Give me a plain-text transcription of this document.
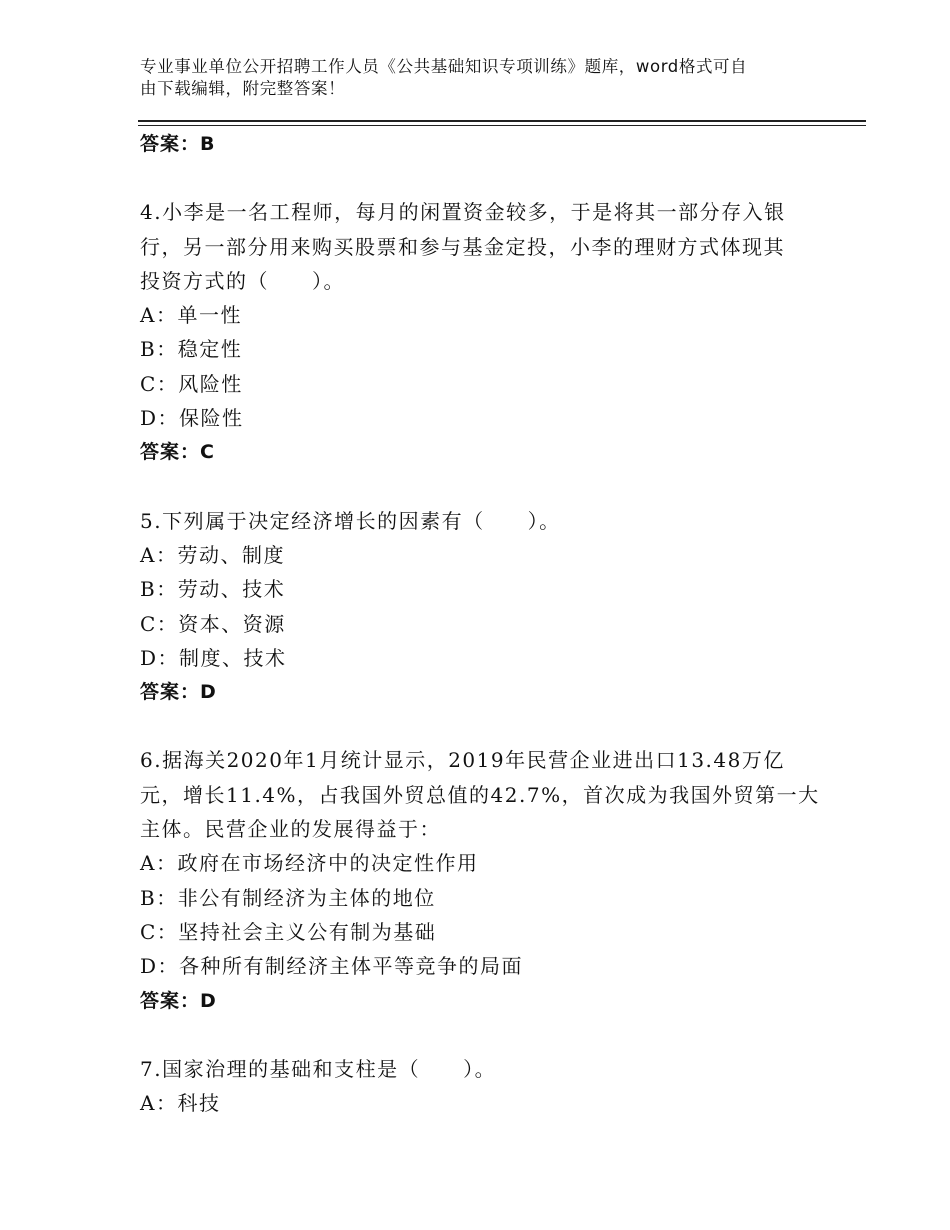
专业事业单位公开招聘工作人员《公共基础知识专项训练》题库，word格式可自
由下载编辑，附完整答案！
答案：B
4.小李是一名工程师，每月的闲置资金较多，于是将其一部分存入银
行，另一部分用来购买股票和参与基金定投，小李的理财方式体现其
投资方式的（　　）。
A：单一性
B：稳定性
C：风险性
D：保险性
答案：C
5.下列属于决定经济增长的因素有（　　）。
A：劳动、制度
B：劳动、技术
C：资本、资源
D：制度、技术
答案：D
6.据海关2020年1月统计显示，2019年民营企业进出口13.48万亿
元，增长11.4%，占我国外贸总值的42.7%，首次成为我国外贸第一大
主体。民营企业的发展得益于：
A：政府在市场经济中的决定性作用
B：非公有制经济为主体的地位
C：坚持社会主义公有制为基础
D：各种所有制经济主体平等竞争的局面
答案：D
7.国家治理的基础和支柱是（　　）。
A：科技
